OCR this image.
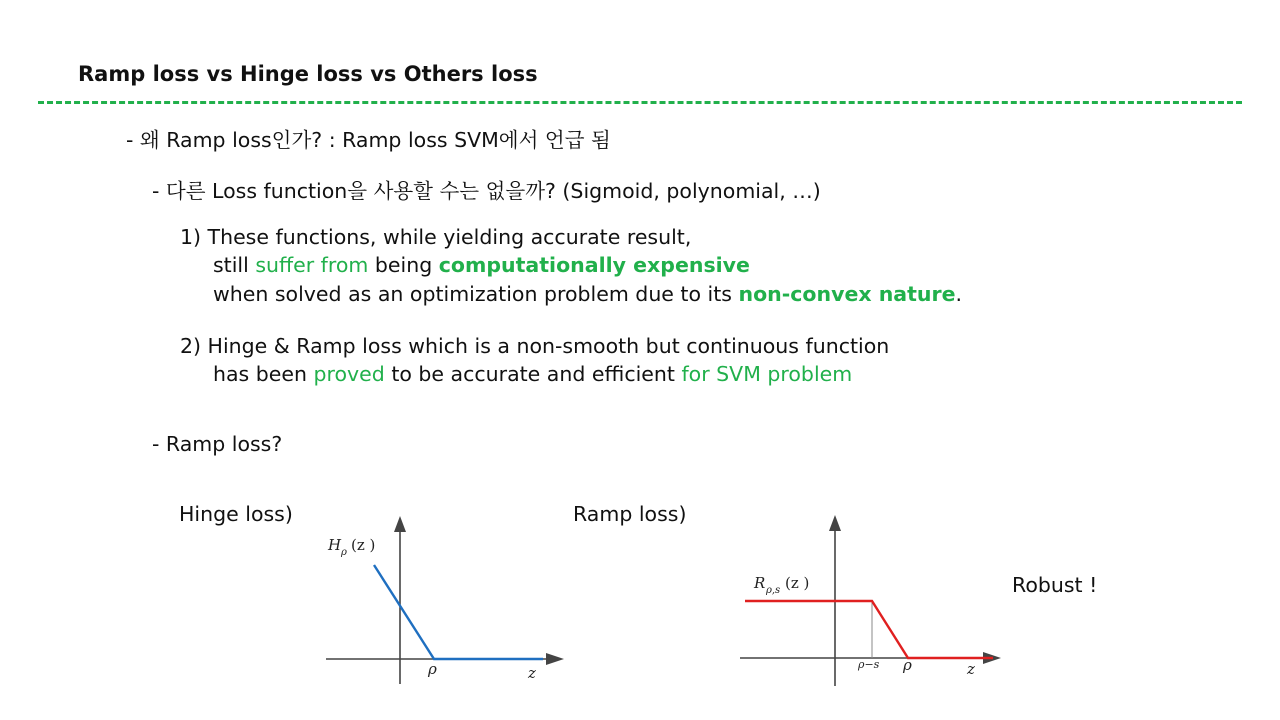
Ramp loss vs Hinge loss vs Others loss
- 왜 Ramp loss인가? : Ramp loss SVM에서 언급 됨
- 다른 Loss function을 사용할 수는 없을까? (Sigmoid, polynomial, …)
1) These functions, while yielding accurate result,
still suffer from being computationally expensive
when solved as an optimization problem due to its non-convex nature.
2) Hinge & Ramp loss which is a non-smooth but continuous function
has been proved to be accurate and efficient for SVM problem
- Ramp loss?
Hinge loss)	Ramp loss)
Robust !
H ρ (z )
ρ	z
R ρ,s (z )
ρ−s ρ	z
